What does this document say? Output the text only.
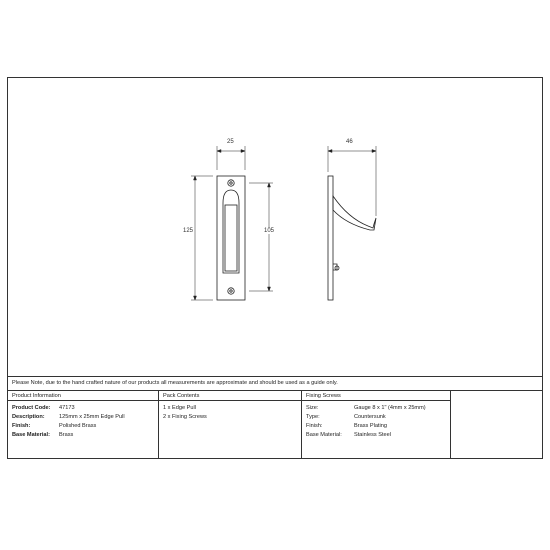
25
125	105
46
Please Note, due to the hand crafted nature of our products all measurements are approximate and should be used as a guide only.
Product Information
Product Code:	47173
Description:	125mm x 25mm Edge Pull
Finish:	Polished Brass
Base Material:	Brass
Pack Contents
1 x Edge Pull
2 x Fixing Screws
Fixing Screws
Size:	Gauge 8 x 1" (4mm x 25mm)
Type:	Countersunk
Finish:	Brass Plating
Base Material:	Stainless Steel
